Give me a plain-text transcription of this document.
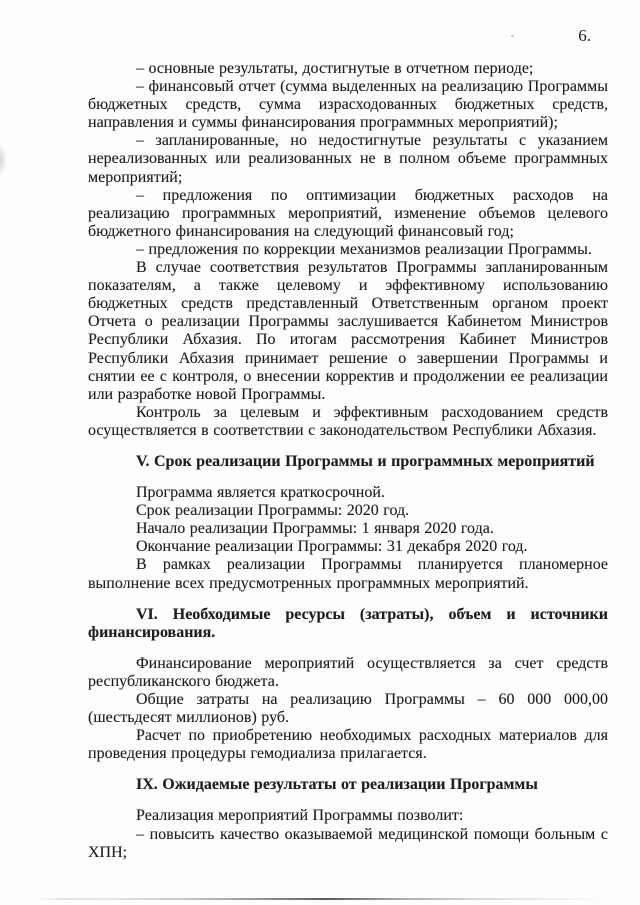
6.

– основные результаты, достигнутые в отчетном периоде;

– финансовый отчет (сумма выделенных на реализацию Программы бюджетных средств, сумма израсходованных бюджетных средств, направления и суммы финансирования программных мероприятий);

– запланированные, но недостигнутые результаты с указанием нереализованных или реализованных не в полном объеме программных мероприятий;

– предложения по оптимизации бюджетных расходов на реализацию программных мероприятий, изменение объемов целевого бюджетного финансирования на следующий финансовый год;

– предложения по коррекции механизмов реализации Программы.

В случае соответствия результатов Программы запланированным показателям, а также целевому и эффективному использованию бюджетных средств представленный Ответственным органом проект Отчета о реализации Программы заслушивается Кабинетом Министров Республики Абхазия. По итогам рассмотрения Кабинет Министров Республики Абхазия принимает решение о завершении Программы и снятии ее с контроля, о внесении корректив и продолжении ее реализации или разработке новой Программы.

Контроль за целевым и эффективным расходованием средств осуществляется в соответствии с законодательством Республики Абхазия.

V. Срок реализации Программы и программных мероприятий

Программа является краткосрочной.

Срок реализации Программы: 2020 год.

Начало реализации Программы: 1 января 2020 года.

Окончание реализации Программы: 31 декабря 2020 год.

В рамках реализации Программы планируется планомерное выполнение всех предусмотренных программных мероприятий.

VI. Необходимые ресурсы (затраты), объем и источники финансирования.

Финансирование мероприятий осуществляется за счет средств республиканского бюджета.

Общие затраты на реализацию Программы – 60 000 000,00 (шестьдесят миллионов) руб.

Расчет по приобретению необходимых расходных материалов для проведения процедуры гемодиализа прилагается.

IX. Ожидаемые результаты от реализации Программы

Реализация мероприятий Программы позволит:

– повысить качество оказываемой медицинской помощи больным с ХПН;
